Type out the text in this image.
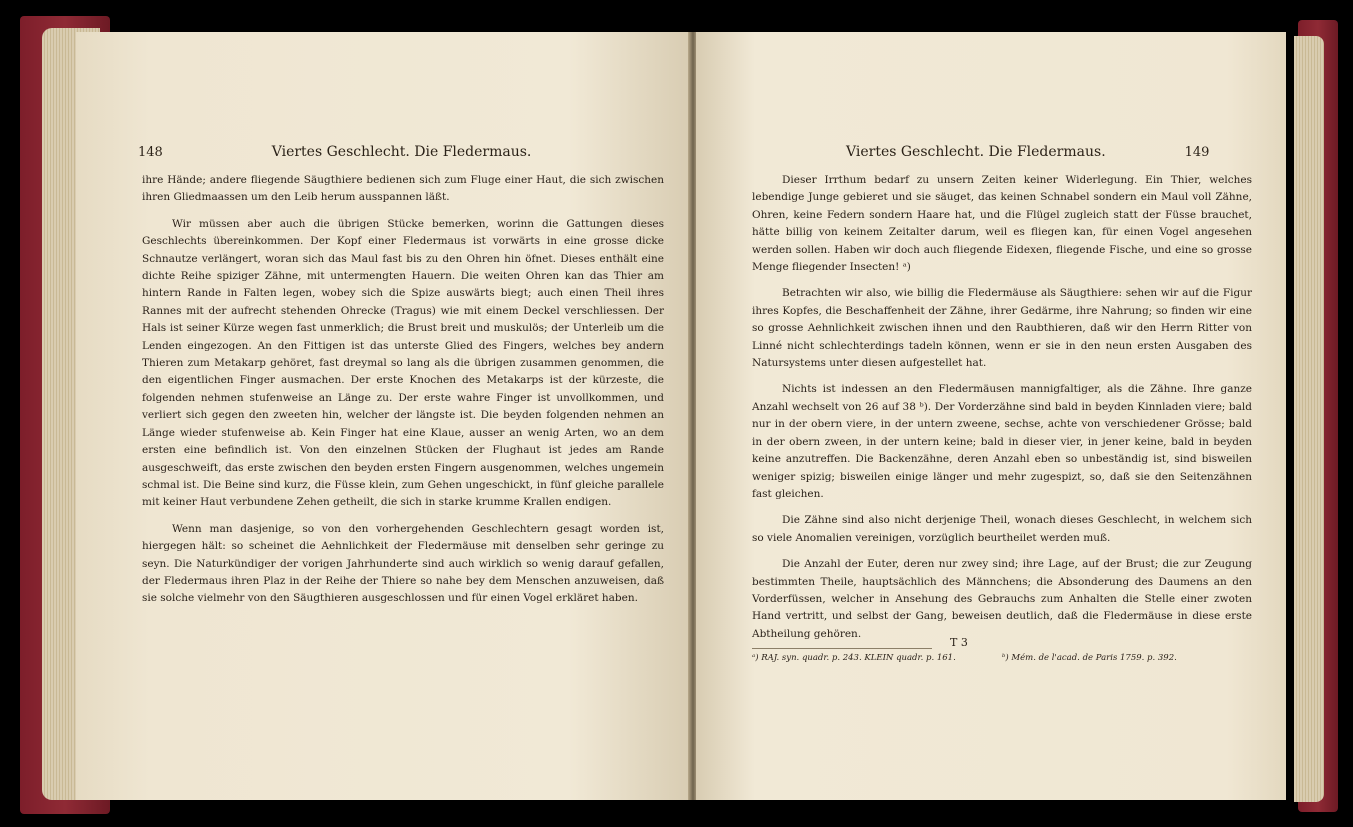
148	Viertes Geschlecht. Die Fledermaus.

ihre Hände; andere fliegende Säugthiere bedienen sich zum Fluge einer Haut, die sich zwischen ihren Gliedmaassen um den Leib herum ausspannen läßt.

Wir müssen aber auch die übrigen Stücke bemerken, worinn die Gattungen dieses Geschlechts übereinkommen. Der Kopf einer Fledermaus ist vorwärts in eine grosse dicke Schnautze verlängert, woran sich das Maul fast bis zu den Ohren hin öfnet. Dieses enthält eine dichte Reihe spiziger Zähne, mit untermengten Hauern. Die weiten Ohren kan das Thier am hintern Rande in Falten legen, wobey sich die Spize auswärts biegt; auch einen Theil ihres Rannes mit der aufrecht stehenden Ohrecke (Tragus) wie mit einem Deckel verschliessen. Der Hals ist seiner Kürze wegen fast unmerklich; die Brust breit und muskulös; der Unterleib um die Lenden eingezogen. An den Fittigen ist das unterste Glied des Fingers, welches bey andern Thieren zum Metakarp gehöret, fast dreymal so lang als die übrigen zusammen genommen, die den eigentlichen Finger ausmachen. Der erste Knochen des Metakarps ist der kürzeste, die folgenden nehmen stufenweise an Länge zu. Der erste wahre Finger ist unvollkommen, und verliert sich gegen den zweeten hin, welcher der längste ist. Die beyden folgenden nehmen an Länge wieder stufenweise ab. Kein Finger hat eine Klaue, ausser an wenig Arten, wo an dem ersten eine befindlich ist. Von den einzelnen Stücken der Flughaut ist jedes am Rande ausgeschweift, das erste zwischen den beyden ersten Fingern ausgenommen, welches ungemein schmal ist. Die Beine sind kurz, die Füsse klein, zum Gehen ungeschickt, in fünf gleiche parallele mit keiner Haut verbundene Zehen getheilt, die sich in starke krumme Krallen endigen.

Wenn man dasjenige, so von den vorhergehenden Geschlechtern gesagt worden ist, hiergegen hält: so scheinet die Aehnlichkeit der Fledermäuse mit denselben sehr geringe zu seyn. Die Naturkündiger der vorigen Jahrhunderte sind auch wirklich so wenig darauf gefallen, der Fledermaus ihren Plaz in der Reihe der Thiere so nahe bey dem Menschen anzuweisen, daß sie solche vielmehr von den Säugthieren ausgeschlossen und für einen Vogel erkläret haben.

Viertes Geschlecht. Die Fledermaus.	149

Dieser Irrthum bedarf zu unsern Zeiten keiner Widerlegung. Ein Thier, welches lebendige Junge gebieret und sie säuget, das keinen Schnabel sondern ein Maul voll Zähne, Ohren, keine Federn sondern Haare hat, und die Flügel zugleich statt der Füsse brauchet, hätte billig von keinem Zeitalter darum, weil es fliegen kan, für einen Vogel angesehen werden sollen. Haben wir doch auch fliegende Eidexen, fliegende Fische, und eine so grosse Menge fliegender Insecten! ᵃ)

Betrachten wir also, wie billig die Fledermäuse als Säugthiere: sehen wir auf die Figur ihres Kopfes, die Beschaffenheit der Zähne, ihrer Gedärme, ihre Nahrung; so finden wir eine so grosse Aehnlichkeit zwischen ihnen und den Raubthieren, daß wir den Herrn Ritter von Linné nicht schlechterdings tadeln können, wenn er sie in den neun ersten Ausgaben des Natursystems unter diesen aufgestellet hat.

Nichts ist indessen an den Fledermäusen mannigfaltiger, als die Zähne. Ihre ganze Anzahl wechselt von 26 auf 38 ᵇ). Der Vorderzähne sind bald in beyden Kinnladen viere; bald nur in der obern viere, in der untern zweene, sechse, achte von verschiedener Grösse; bald in der obern zween, in der untern keine; bald in dieser vier, in jener keine, bald in beyden keine anzutreffen. Die Backenzähne, deren Anzahl eben so unbeständig ist, sind bisweilen weniger spizig; bisweilen einige länger und mehr zugespizt, so, daß sie den Seitenzähnen fast gleichen.

Die Zähne sind also nicht derjenige Theil, wonach dieses Geschlecht, in welchem sich so viele Anomalien vereinigen, vorzüglich beurtheilet werden muß.

Die Anzahl der Euter, deren nur zwey sind; ihre Lage, auf der Brust; die zur Zeugung bestimmten Theile, hauptsächlich des Männchens; die Absonderung des Daumens an den Vorderfüssen, welcher in Ansehung des Gebrauchs zum Anhalten die Stelle einer zwoten Hand vertritt, und selbst der Gang, beweisen deutlich, daß die Fledermäuse in diese erste Abtheilung gehören.

T 3
ᵃ) RAJ. syn. quadr. p. 243. KLEIN quadr. p. 161.	ᵇ) Mém. de l'acad. de Paris 1759. p. 392.
